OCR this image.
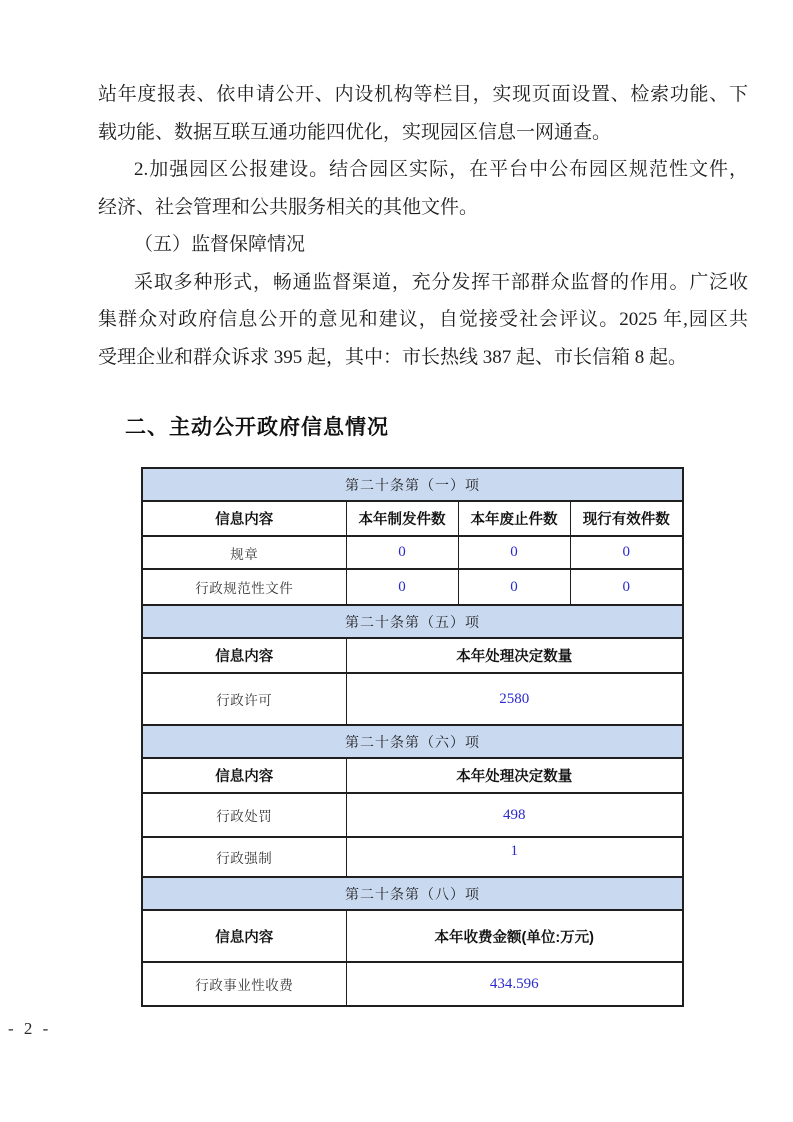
站年度报表、依申请公开、内设机构等栏目，实现页面设置、检索功能、下
载功能、数据互联互通功能四优化，实现园区信息一网通查。
2.加强园区公报建设。结合园区实际，在平台中公布园区规范性文件，
经济、社会管理和公共服务相关的其他文件。
（五）监督保障情况
采取多种形式，畅通监督渠道，充分发挥干部群众监督的作用。广泛收
集群众对政府信息公开的意见和建议，自觉接受社会评议。2025 年,园区共
受理企业和群众诉求 395 起，其中：市长热线 387 起、市长信箱 8 起。
二、主动公开政府信息情况
第二十条第（一）项			
信息内容	本年制发件数	本年废止件数	现行有效件数
规章	0	0	0
行政规范性文件	0	0	0
第二十条第（五）项			
信息内容	本年处理决定数量		
行政许可	2580		
第二十条第（六）项			
信息内容	本年处理决定数量		
行政处罚	498		
行政强制	1		
第二十条第（八）项			
信息内容	本年收费金额(单位:万元)		
行政事业性收费	434.596		
- 2 -
